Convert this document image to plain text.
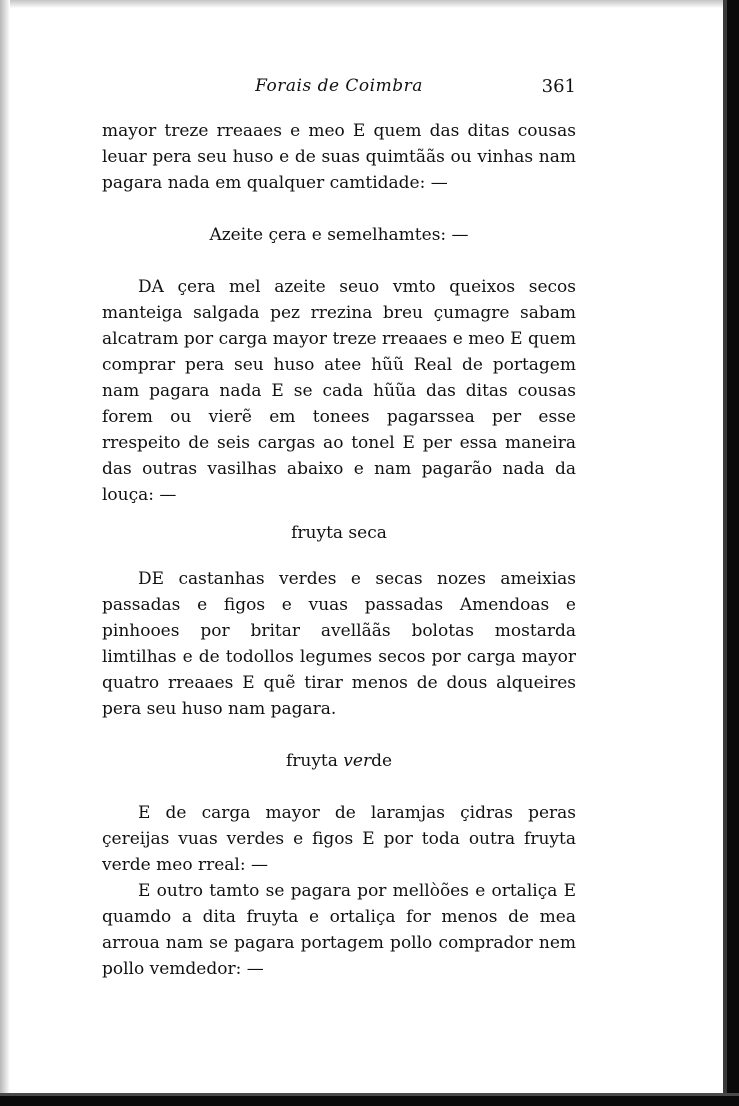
Forais de Coimbra	361

mayor treze rreaaes e meo E quem das ditas cousas leuar pera seu huso e de suas quimtããs ou vinhas nam pagara nada em qualquer camtidade: —

Azeite çera e semelhamtes: —

DA çera mel azeite seuo vmto queixos secos manteiga salgada pez rrezina breu çumagre sabam alcatram por carga mayor treze rreaaes e meo E quem comprar pera seu huso atee hũũ Real de portagem nam pagara nada E se cada hũũa das ditas cousas forem ou vierẽ em tonees pagarssea per esse rrespeito de seis cargas ao tonel E per essa maneira das outras vasilhas abaixo e nam pagarão nada da louça: —

fruyta seca

DE castanhas verdes e secas nozes ameixias passadas e figos e vuas passadas Amendoas e pinhooes por britar avellããs bolotas mostarda limtilhas e de todollos legumes secos por carga mayor quatro rreaaes E quẽ tirar menos de dous alqueires pera seu huso nam pagara.

fruyta verde

E de carga mayor de laramjas çidras peras çereijas vuas verdes e figos E por toda outra fruyta verde meo rreal: —

E outro tamto se pagara por mellòões e ortaliça E quamdo a dita fruyta e ortaliça for menos de mea arroua nam se pagara portagem pollo comprador nem pollo vemdedor: —
